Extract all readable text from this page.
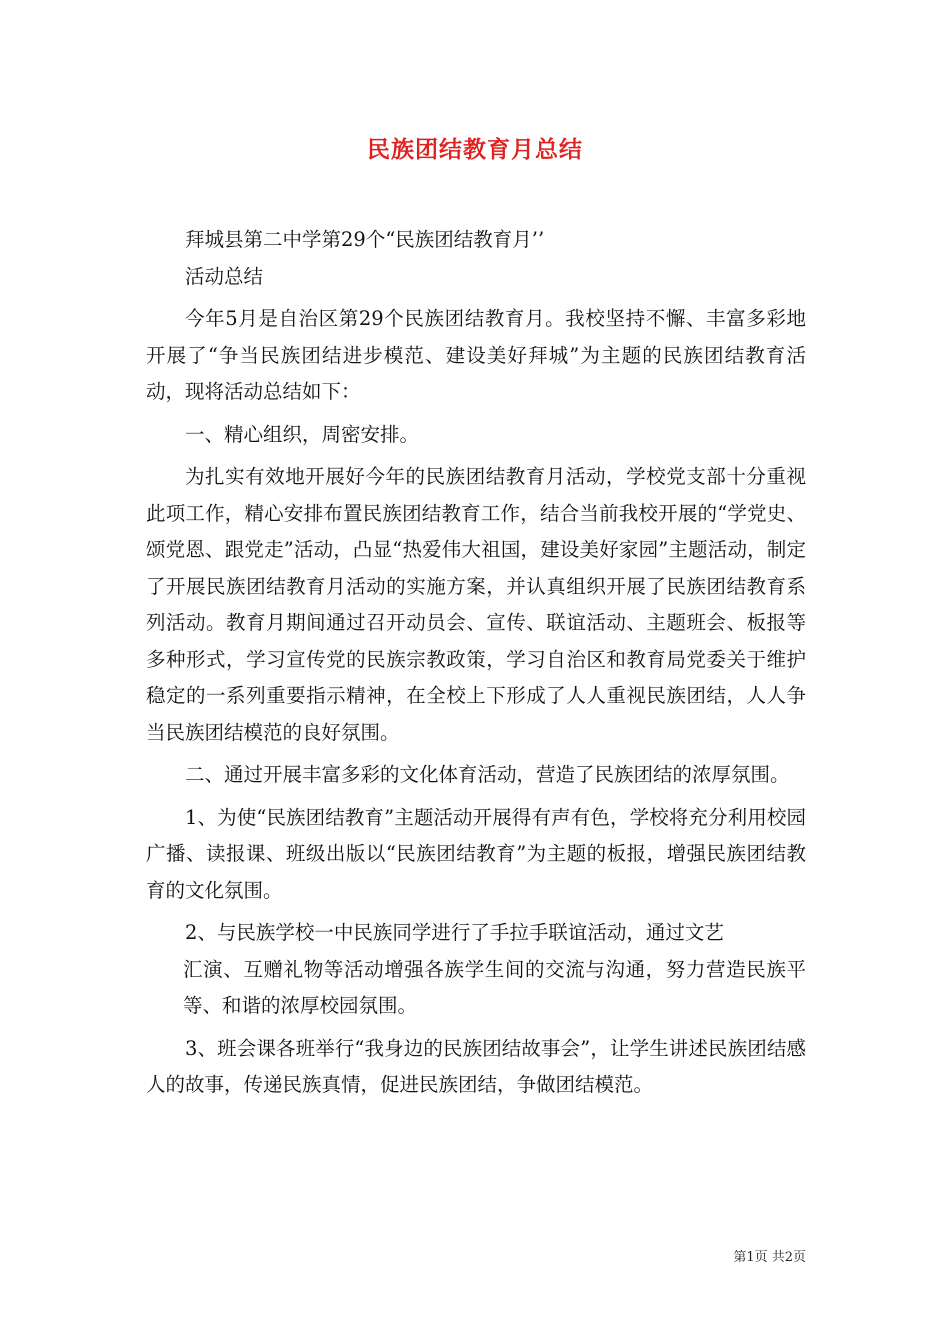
民族团结教育月总结

拜城县第二中学第29个“民族团结教育月’’

活动总结

今年5月是自治区第29个民族团结教育月。我校坚持不懈、丰富多彩地开展了“争当民族团结进步模范、建设美好拜城”为主题的民族团结教育活动，现将活动总结如下：

一、精心组织，周密安排。

为扎实有效地开展好今年的民族团结教育月活动，学校党支部十分重视此项工作，精心安排布置民族团结教育工作，结合当前我校开展的“学党史、颂党恩、跟党走”活动，凸显“热爱伟大祖国，建设美好家园”主题活动，制定了开展民族团结教育月活动的实施方案，并认真组织开展了民族团结教育系列活动。教育月期间通过召开动员会、宣传、联谊活动、主题班会、板报等多种形式，学习宣传党的民族宗教政策，学习自治区和教育局党委关于维护稳定的一系列重要指示精神，在全校上下形成了人人重视民族团结，人人争当民族团结模范的良好氛围。

二、通过开展丰富多彩的文化体育活动，营造了民族团结的浓厚氛围。

1、为使“民族团结教育”主题活动开展得有声有色，学校将充分利用校园广播、读报课、班级出版以“民族团结教育”为主题的板报，增强民族团结教育的文化氛围。

2、与民族学校一中民族同学进行了手拉手联谊活动，通过文艺

汇演、互赠礼物等活动增强各族学生间的交流与沟通，努力营造民族平等、和谐的浓厚校园氛围。

3、班会课各班举行“我身边的民族团结故事会”，让学生讲述民族团结感人的故事，传递民族真情，促进民族团结，争做团结模范。

第1页 共2页
